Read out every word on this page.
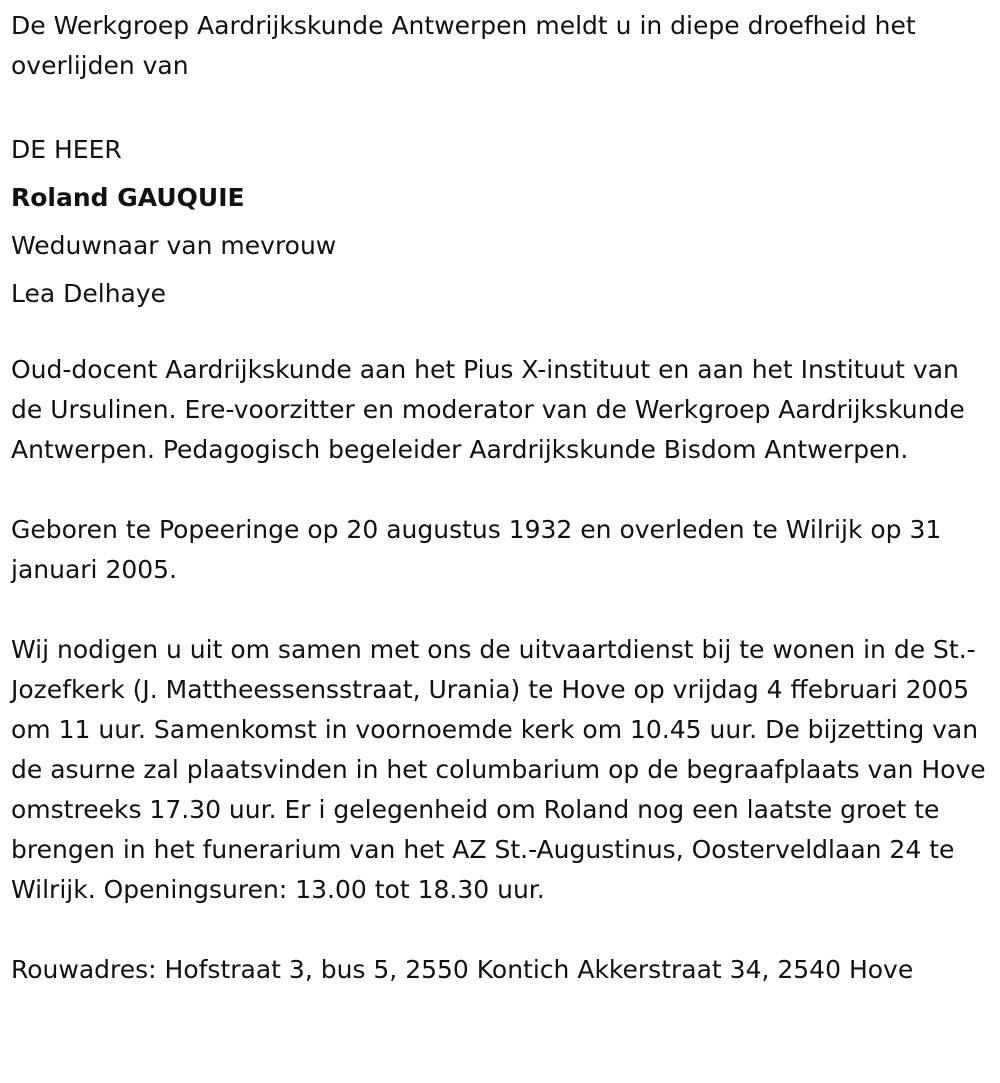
De Werkgroep Aardrijkskunde Antwerpen meldt u in diepe droefheid het overlijden van

DE HEER

Roland GAUQUIE

Weduwnaar van mevrouw

Lea Delhaye

Oud-docent Aardrijkskunde aan het Pius X-instituut en aan het Instituut van de Ursulinen. Ere-voorzitter en moderator van de Werkgroep Aardrijkskunde Antwerpen. Pedagogisch begeleider Aardrijkskunde Bisdom Antwerpen.

Geboren te Popeeringe op 20 augustus 1932 en overleden te Wilrijk op 31 januari 2005.

Wij nodigen u uit om samen met ons de uitvaartdienst bij te wonen in de St.-Jozefkerk (J. Mattheessensstraat, Urania) te Hove op vrijdag 4 ffebruari 2005 om 11 uur. Samenkomst in voornoemde kerk om 10.45 uur. De bijzetting van de asurne zal plaatsvinden in het columbarium op de begraafplaats van Hove omstreeks 17.30 uur. Er i gelegenheid om Roland nog een laatste groet te brengen in het funerarium van het AZ St.-Augustinus, Oosterveldlaan 24 te Wilrijk. Openingsuren: 13.00 tot 18.30 uur.

Rouwadres: Hofstraat 3, bus 5, 2550 Kontich Akkerstraat 34, 2540 Hove
